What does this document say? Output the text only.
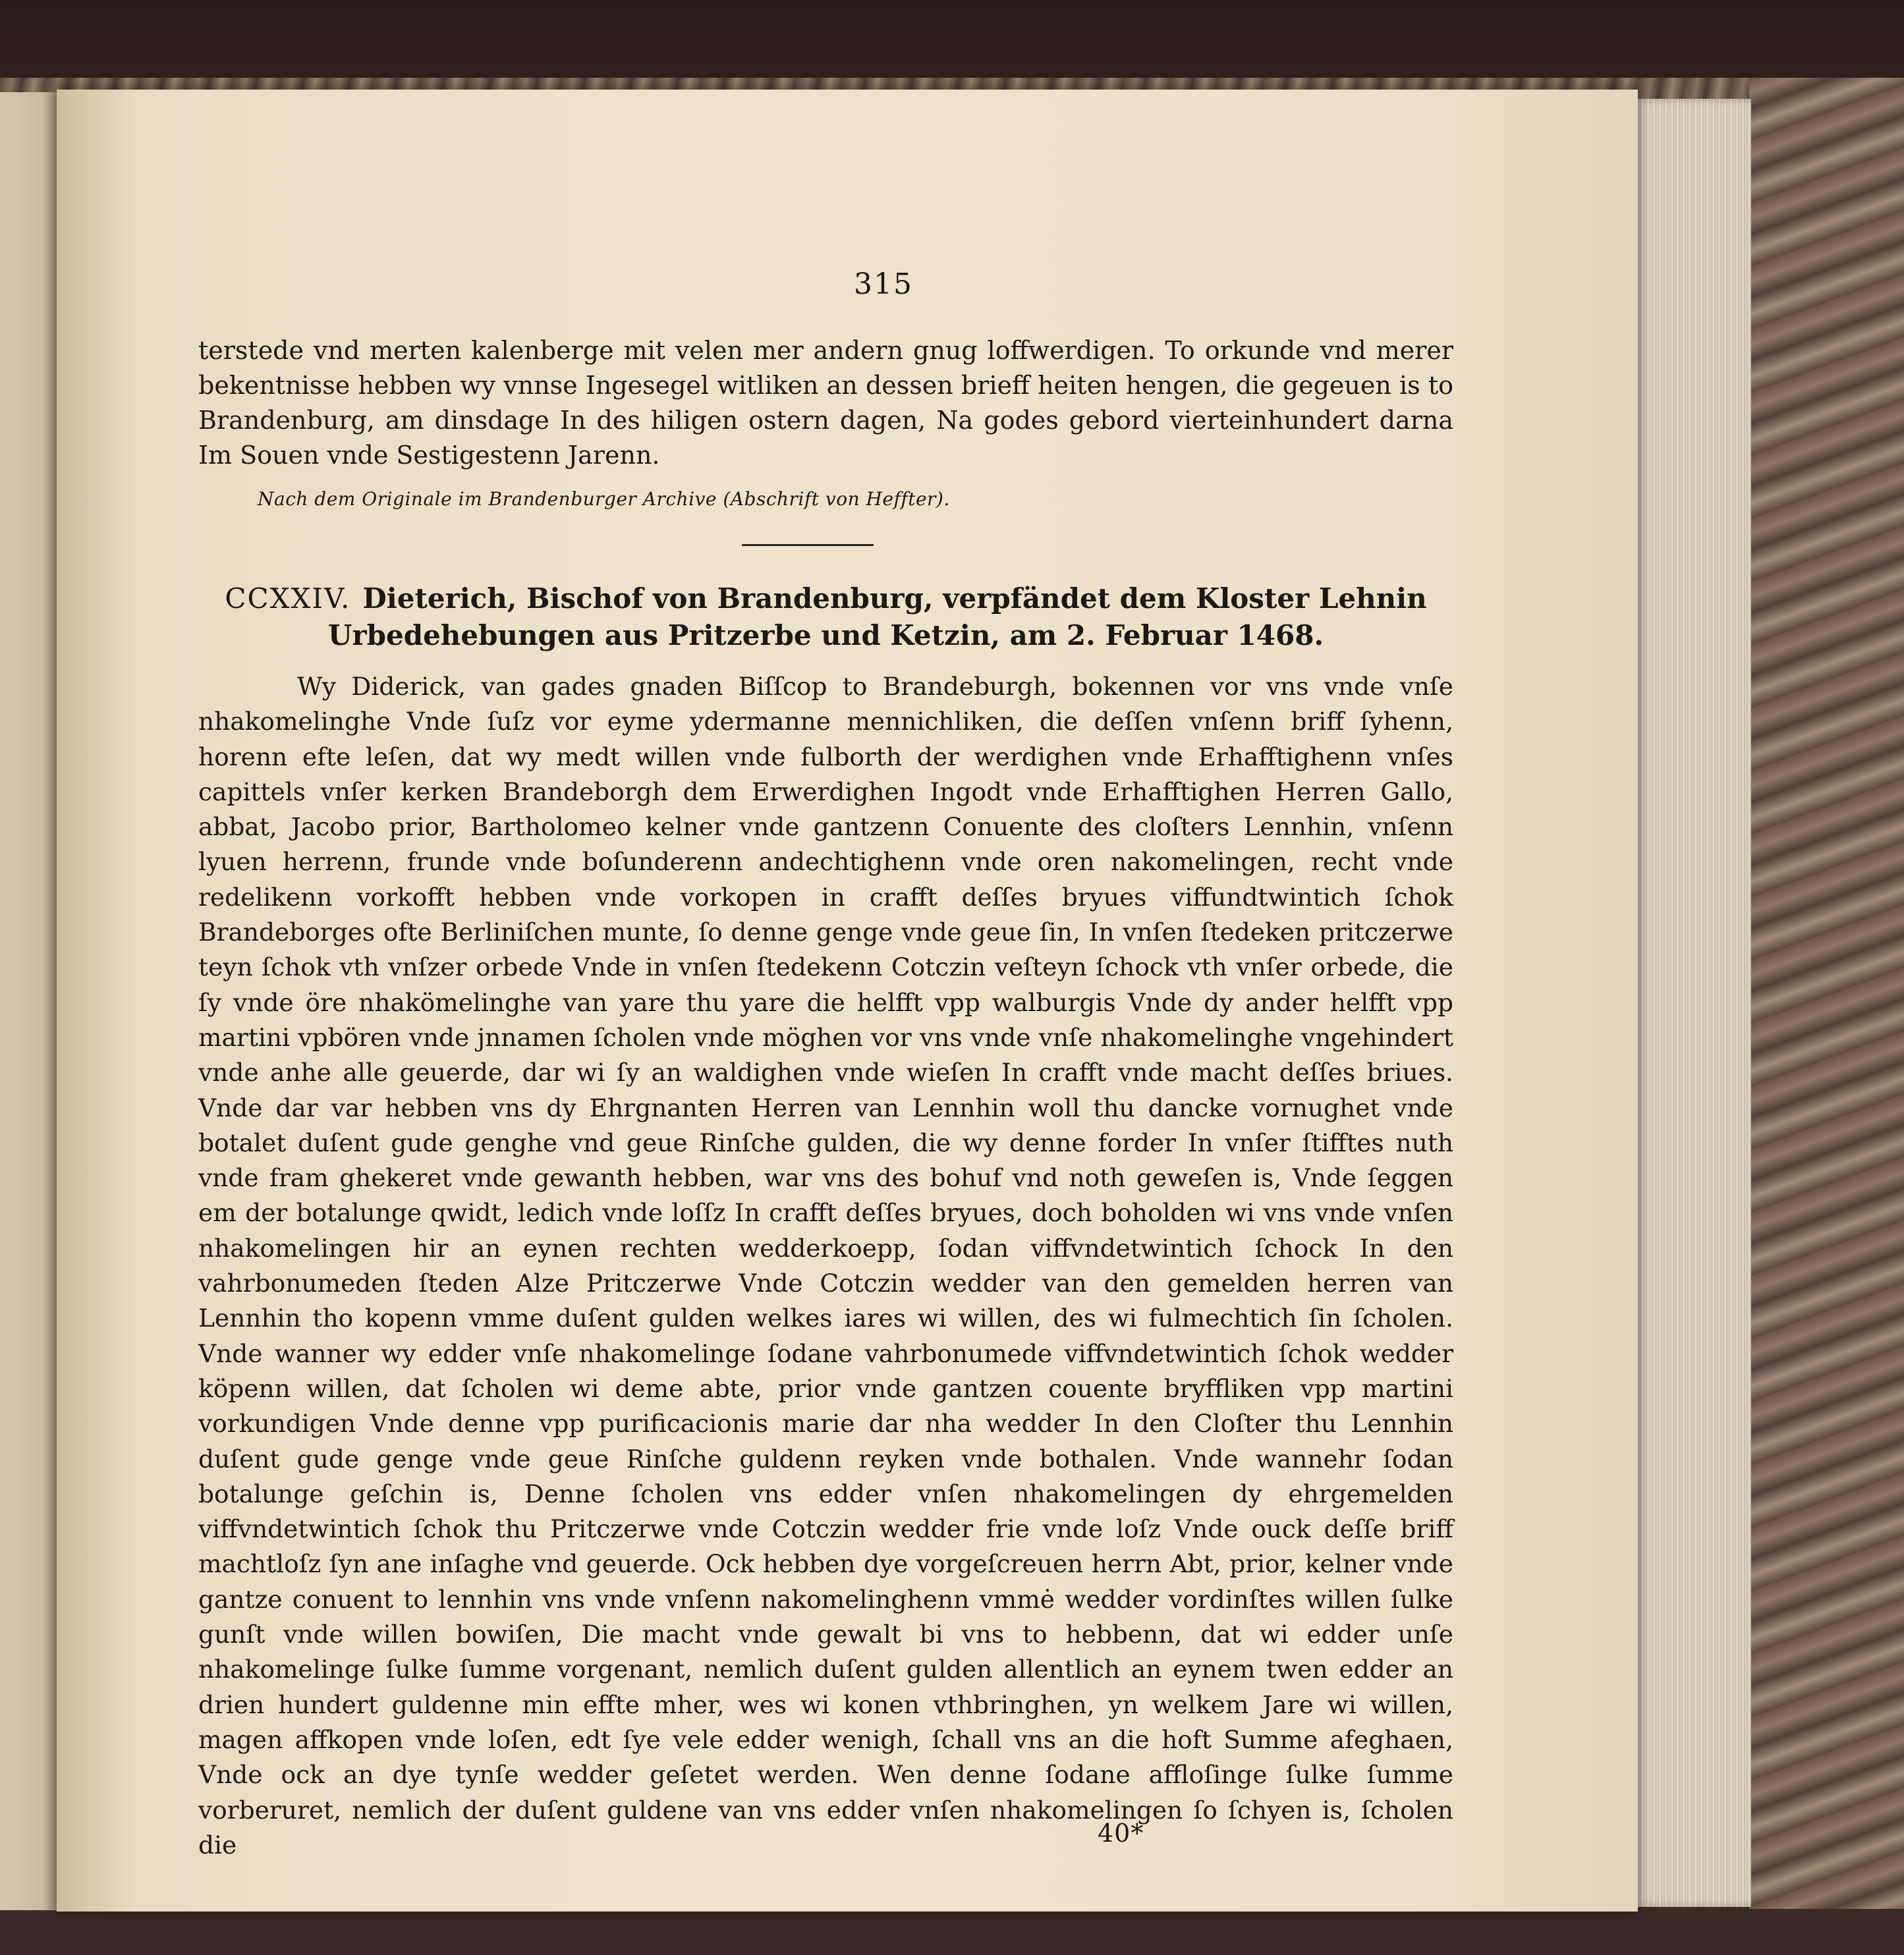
315

terstede vnd merten kalenberge mit velen mer andern gnug loffwerdigen. To orkunde vnd merer bekentnisse hebben wy vnnse Ingesegel witliken an dessen brieff heiten hengen, die gegeuen is to Brandenburg, am dinsdage In des hiligen ostern dagen, Na godes gebord vierteinhundert darna Im Souen vnde Sestigestenn Jarenn.

Nach dem Originale im Brandenburger Archive (Abschrift von Heffter).
CCXXIV. Dieterich, Bischof von Brandenburg, verpfändet dem Kloster Lehnin Urbedehebungen aus Pritzerbe und Ketzin, am 2. Februar 1468.

Wy Diderick, van gades gnaden Biſſcop to Brandeburgh, bokennen vor vns vnde vnſe nhakomelinghe Vnde ſuſz vor eyme ydermanne mennichliken, die deſſen vnſenn briff ſyhenn, horenn efte leſen, dat wy medt willen vnde fulborth der werdighen vnde Erhafftighenn vnſes capittels vnſer kerken Brandeborgh dem Erwerdighen Ingodt vnde Erhafftighen Herren Gallo, abbat, Jacobo prior, Bartholomeo kelner vnde gantzenn Conuente des cloſters Lennhin, vnſenn lyuen herrenn, frunde vnde boſunderenn andechtighenn vnde oren nakomelingen, recht vnde redelikenn vorkofft hebben vnde vorkopen in crafft deſſes bryues viffundtwintich ſchok Brandeborges ofte Berliniſchen munte, ſo denne genge vnde geue ſin, In vnſen ſtedeken pritczerwe teyn ſchok vth vnſzer orbede Vnde in vnſen ſtedekenn Cotczin veſteyn ſchock vth vnſer orbede, die ſy vnde öre nhakömelinghe van yare thu yare die helfft vpp walburgis Vnde dy ander helfft vpp martini vpbören vnde jnnamen ſcholen vnde möghen vor vns vnde vnſe nhakomelinghe vngehindert vnde anhe alle geuerde, dar wi ſy an waldighen vnde wieſen In crafft vnde macht deſſes briues. Vnde dar var hebben vns dy Ehrgnanten Herren van Lennhin woll thu dancke vornughet vnde botalet duſent gude genghe vnd geue Rinſche gulden, die wy denne forder In vnſer ſtifftes nuth vnde fram ghekeret vnde gewanth hebben, war vns des bohuf vnd noth geweſen is, Vnde ſeggen em der botalunge qwidt, ledich vnde loſſz In crafft deſſes bryues, doch boholden wi vns vnde vnſen nhakomelingen hir an eynen rechten wedderkoepp, ſodan viffvndetwintich ſchock In den vahrbonumeden ſteden Alze Pritczerwe Vnde Cotczin wedder van den gemelden herren van Lennhin tho kopenn vmme duſent gulden welkes iares wi willen, des wi fulmechtich ſin ſcholen. Vnde wanner wy edder vnſe nhakomelinge ſodane vahrbonumede viffvndetwintich ſchok wedder köpenn willen, dat ſcholen wi deme abte, prior vnde gantzen couente bryffliken vpp martini vorkundigen Vnde denne vpp purificacionis marie dar nha wedder In den Cloſter thu Lennhin duſent gude genge vnde geue Rinſche guldenn reyken vnde bothalen. Vnde wannehr ſodan botalunge geſchin is, Denne ſcholen vns edder vnſen nhakomelingen dy ehrgemelden viffvndetwintich ſchok thu Pritczerwe vnde Cotczin wedder frie vnde loſz Vnde ouck deſſe briff machtloſz ſyn ane inſaghe vnd geuerde. Ock hebben dye vorgeſcreuen herrn Abt, prior, kelner vnde gantze conuent to lennhin vns vnde vnſenn nakomelinghenn vmmė wedder vordinſtes willen ſulke gunſt vnde willen bowiſen, Die macht vnde gewalt bi vns to hebbenn, dat wi edder unſe nhakomelinge ſulke ſumme vorgenant, nemlich duſent gulden allentlich an eynem twen edder an drien hundert guldenne min effte mher, wes wi konen vthbringhen, yn welkem Jare wi willen, magen affkopen vnde loſen, edt ſye vele edder wenigh, ſchall vns an die hoft Summe afeghaen, Vnde ock an dye tynſe wedder geſetet werden. Wen denne ſodane affloſinge ſulke ſumme vorberuret, nemlich der duſent guldene van vns edder vnſen nhakomelingen ſo ſchyen is, ſcholen die	40*
